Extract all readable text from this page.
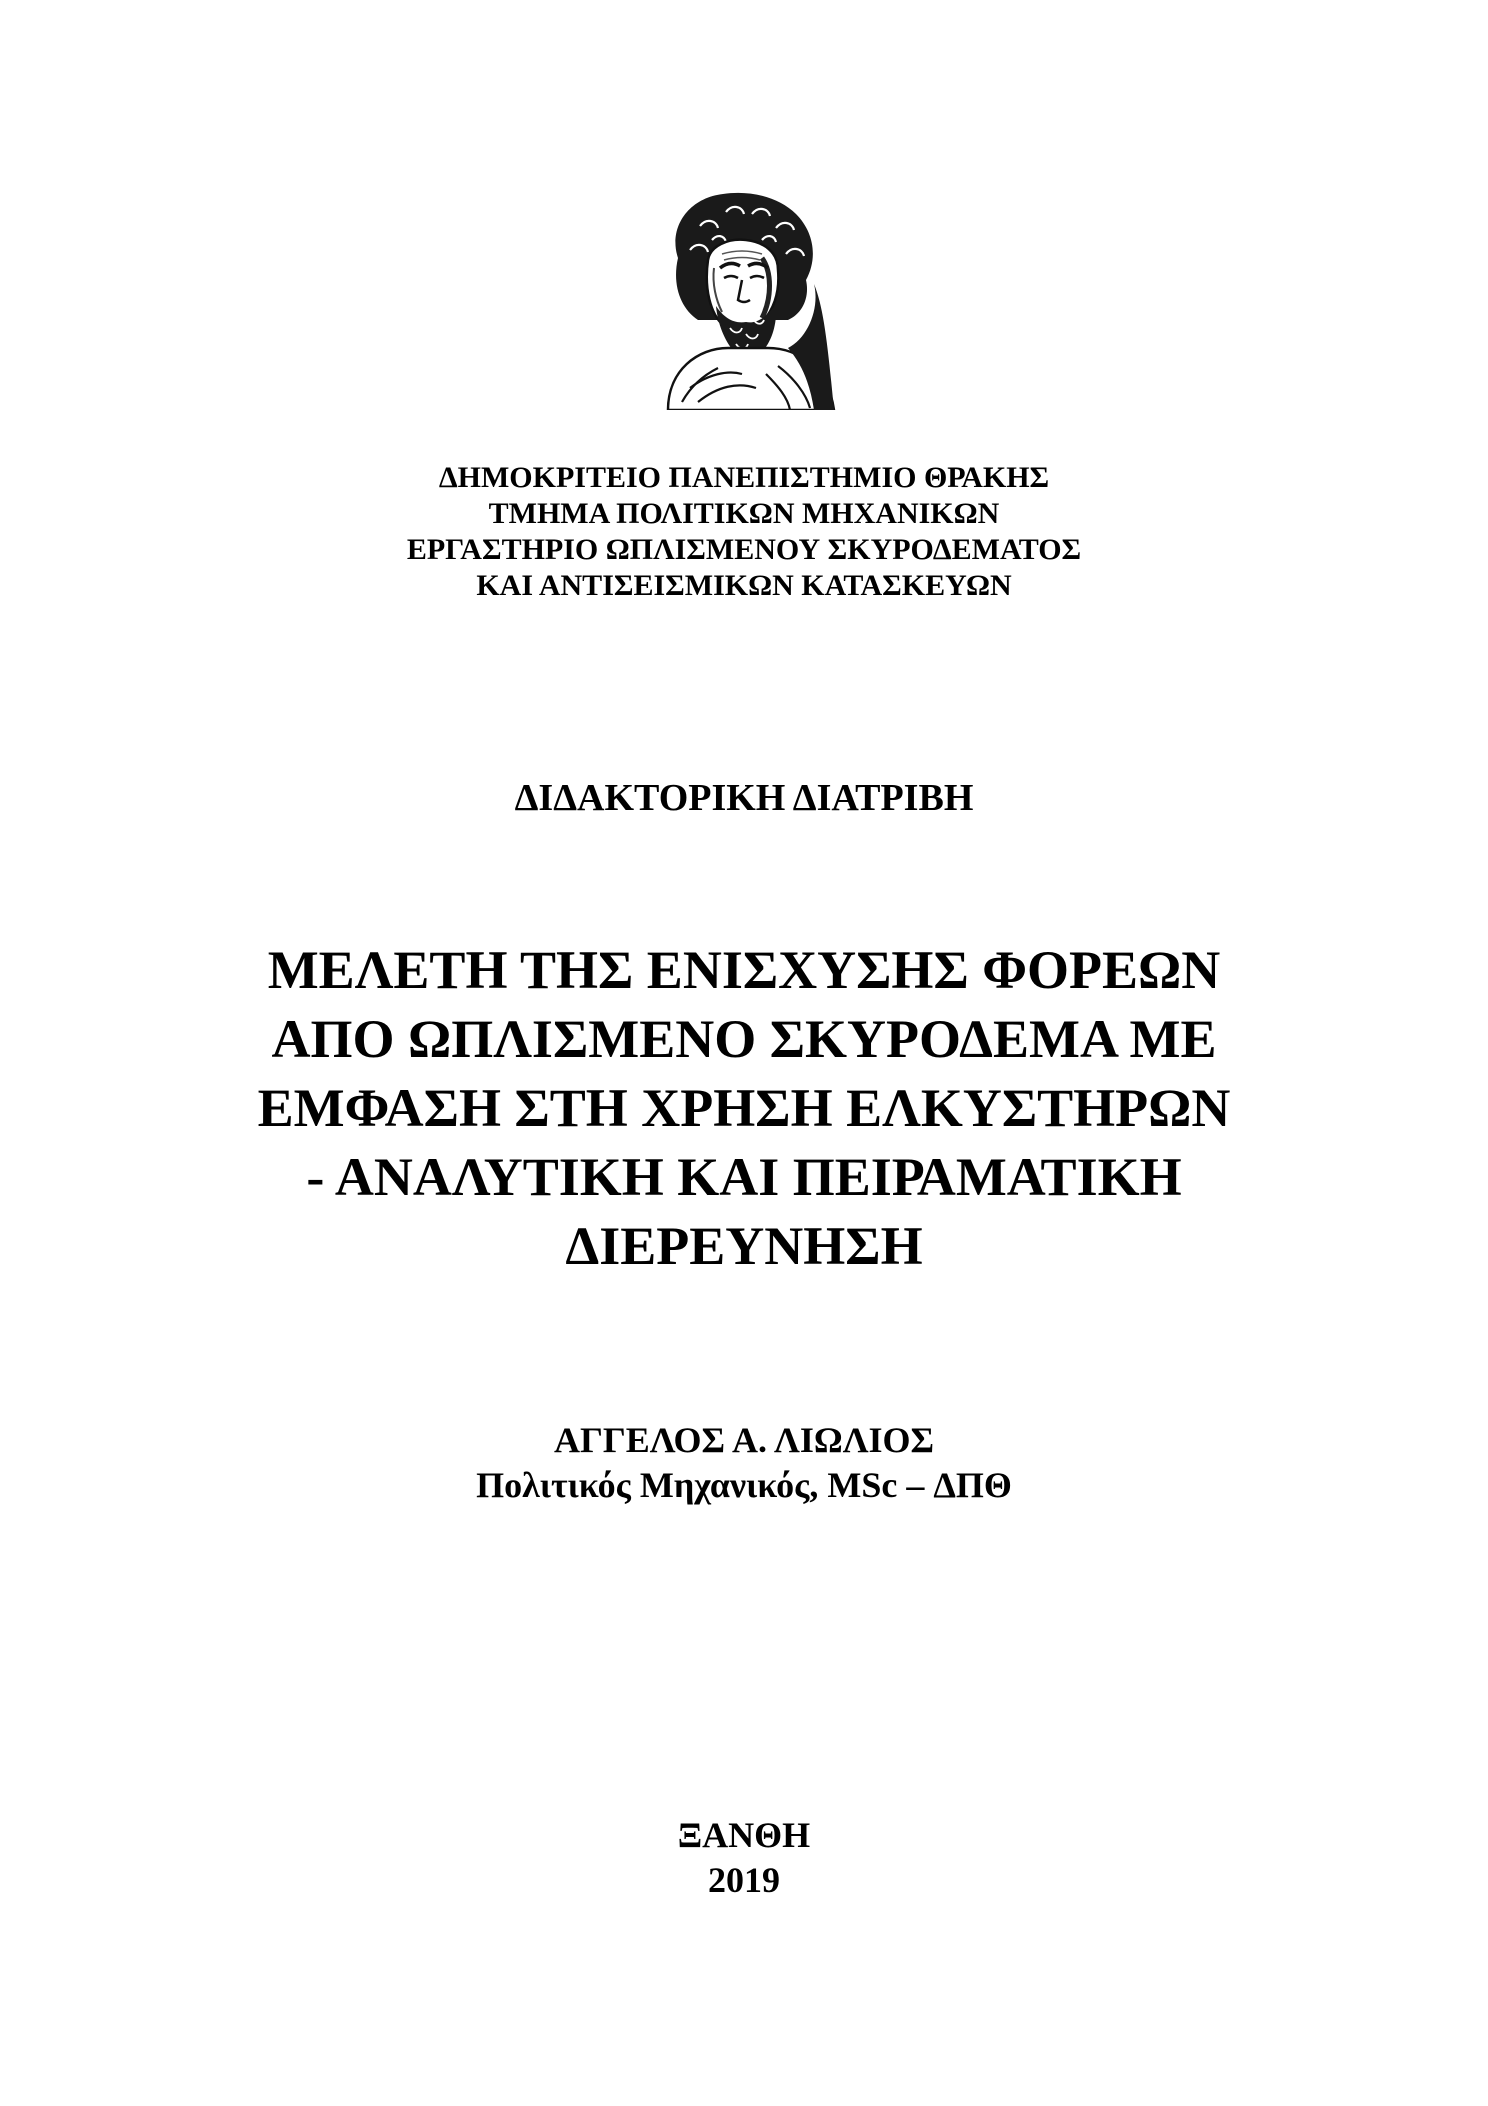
ΔΗΜΟΚΡΙΤΕΙΟ ΠΑΝΕΠΙΣΤΗΜΙΟ ΘΡΑΚΗΣ
ΤΜΗΜΑ ΠΟΛΙΤΙΚΩΝ ΜΗΧΑΝΙΚΩΝ
ΕΡΓΑΣΤΗΡΙΟ ΩΠΛΙΣΜΕΝΟΥ ΣΚΥΡΟΔΕΜΑΤΟΣ
ΚΑΙ ΑΝΤΙΣΕΙΣΜΙΚΩΝ ΚΑΤΑΣΚΕΥΩΝ
ΔΙΔΑΚΤΟΡΙΚΗ ΔΙΑΤΡΙΒΗ
ΜΕΛΕΤΗ ΤΗΣ ΕΝΙΣΧΥΣΗΣ ΦΟΡΕΩΝ
ΑΠΟ ΩΠΛΙΣΜΕΝΟ ΣΚΥΡΟΔΕΜΑ ΜΕ
ΕΜΦΑΣΗ ΣΤΗ ΧΡΗΣΗ ΕΛΚΥΣΤΗΡΩΝ
- ΑΝΑΛΥΤΙΚΗ ΚΑΙ ΠΕΙΡΑΜΑΤΙΚΗ
ΔΙΕΡΕΥΝΗΣΗ
ΑΓΓΕΛΟΣ Α. ΛΙΩΛΙΟΣ
Πολιτικός Μηχανικός, MSc – ΔΠΘ
ΞΑΝΘΗ
2019
